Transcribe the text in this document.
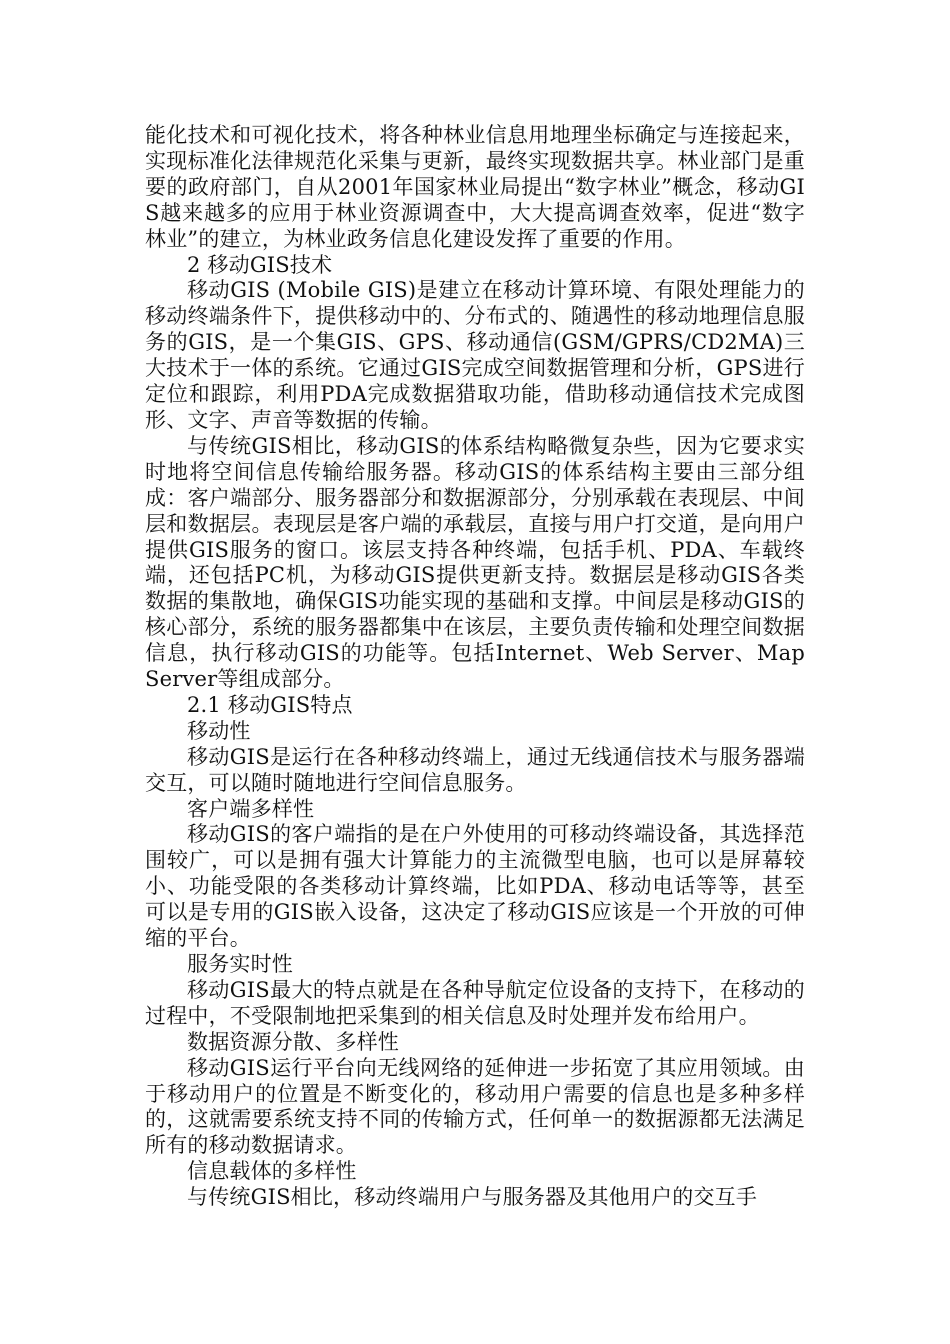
能化技术和可视化技术，将各种林业信息用地理坐标确定与连接起来，实现标准化法律规范化采集与更新，最终实现数据共享。林业部门是重要的政府部门，自从2001年国家林业局提出“数字林业”概念，移动GIS越来越多的应用于林业资源调查中，大大提高调查效率，促进“数字林业”的建立，为林业政务信息化建设发挥了重要的作用。

2 移动GIS技术

移动GIS (Mobile GIS)是建立在移动计算环境、有限处理能力的移动终端条件下，提供移动中的、分布式的、随遇性的移动地理信息服务的GIS，是一个集GIS、GPS、移动通信(GSM/GPRS/CD2MA)三大技术于一体的系统。它通过GIS完成空间数据管理和分析，GPS进行定位和跟踪，利用PDA完成数据猎取功能，借助移动通信技术完成图形、文字、声音等数据的传输。

与传统GIS相比，移动GIS的体系结构略微复杂些，因为它要求实时地将空间信息传输给服务器。移动GIS的体系结构主要由三部分组成：客户端部分、服务器部分和数据源部分，分别承载在表现层、中间层和数据层。表现层是客户端的承载层，直接与用户打交道，是向用户提供GIS服务的窗口。该层支持各种终端，包括手机、PDA、车载终端，还包括PC机，为移动GIS提供更新支持。数据层是移动GIS各类数据的集散地，确保GIS功能实现的基础和支撑。中间层是移动GIS的核心部分，系统的服务器都集中在该层，主要负责传输和处理空间数据信息，执行移动GIS的功能等。包括Internet、Web Server、Map Server等组成部分。

2.1 移动GIS特点

移动性

移动GIS是运行在各种移动终端上，通过无线通信技术与服务器端交互，可以随时随地进行空间信息服务。

客户端多样性

移动GIS的客户端指的是在户外使用的可移动终端设备，其选择范围较广，可以是拥有强大计算能力的主流微型电脑，也可以是屏幕较小、功能受限的各类移动计算终端，比如PDA、移动电话等等，甚至可以是专用的GIS嵌入设备，这决定了移动GIS应该是一个开放的可伸缩的平台。

服务实时性

移动GIS最大的特点就是在各种导航定位设备的支持下，在移动的过程中，不受限制地把采集到的相关信息及时处理并发布给用户。

数据资源分散、多样性

移动GIS运行平台向无线网络的延伸进一步拓宽了其应用领域。由于移动用户的位置是不断变化的，移动用户需要的信息也是多种多样的，这就需要系统支持不同的传输方式，任何单一的数据源都无法满足所有的移动数据请求。

信息载体的多样性

与传统GIS相比，移动终端用户与服务器及其他用户的交互手
